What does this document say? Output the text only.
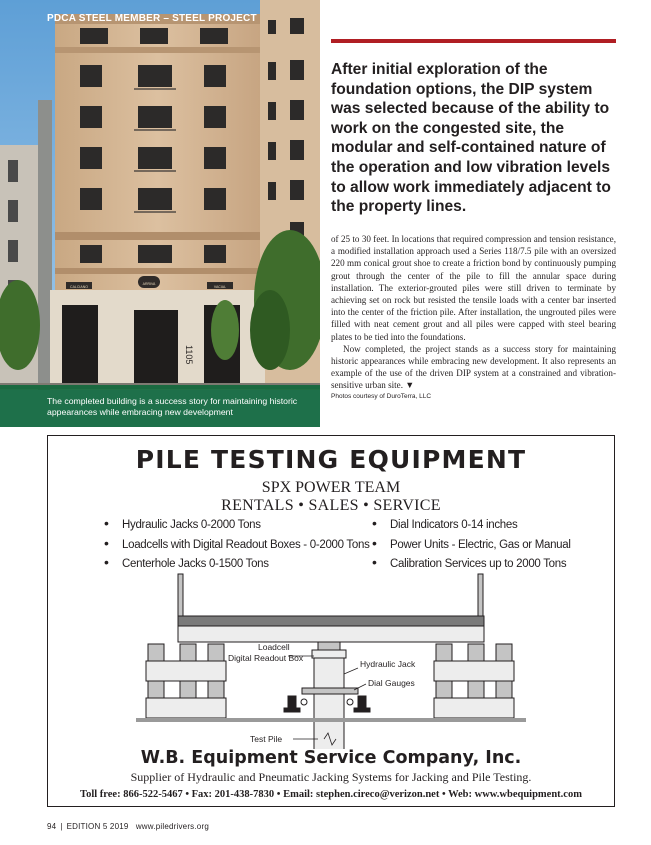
ARRIVA
CALCIANO	VACIAL
1105
PDCA STEEL MEMBER – STEEL PROJECT
The completed building is a success story for maintaining historic appearances while embracing new development
After initial exploration of the foundation options, the DIP system was selected because of the ability to work on the congested site, the modular and self-contained nature of the operation and low vibration levels to allow work immediately adjacent to the property lines.

of 25 to 30 feet. In locations that required compression and tension resistance, a modified installation approach used a Series 118/7.5 pile with an oversized 220 mm conical grout shoe to create a friction bond by continuously pumping grout through the center of the pile to fill the annular space during installation. The exterior-grouted piles were still driven to terminate by achieving set on rock but resisted the tensile loads with a center bar inserted into the center of the friction pile. After installation, the ungrouted piles were filled with neat cement grout and all piles were capped with steel bearing plates to be tied into the foundations.

Now completed, the project stands as a success story for maintaining historic appearances while embracing new development. It also represents an example of the use of the driven DIP system at a constrained and vibration-sensitive urban site. ▼

Photos courtesy of DuroTerra, LLC
PILE TESTING EQUIPMENT
SPX POWER TEAM
RENTALS • SALES • SERVICE
• Hydraulic Jacks 0-2000 Tons
• Loadcells with Digital Readout Boxes - 0-2000 Tons
• Centerhole Jacks 0-1500 Tons
• Dial Indicators 0-14 inches
• Power Units - Electric, Gas or Manual
• Calibration Services up to 2000 Tons
Loadcell
Digital Readout Box
Hydraulic Jack
Dial Gauges
Test Pile
W.B. Equipment Service Company, Inc.
Supplier of Hydraulic and Pneumatic Jacking Systems for Jacking and Pile Testing.
Toll free: 866-522-5467 • Fax: 201-438-7830 • Email: stephen.cireco@verizon.net • Web: www.wbequipment.com
94 | EDITION 5 2019 www.piledrivers.org
